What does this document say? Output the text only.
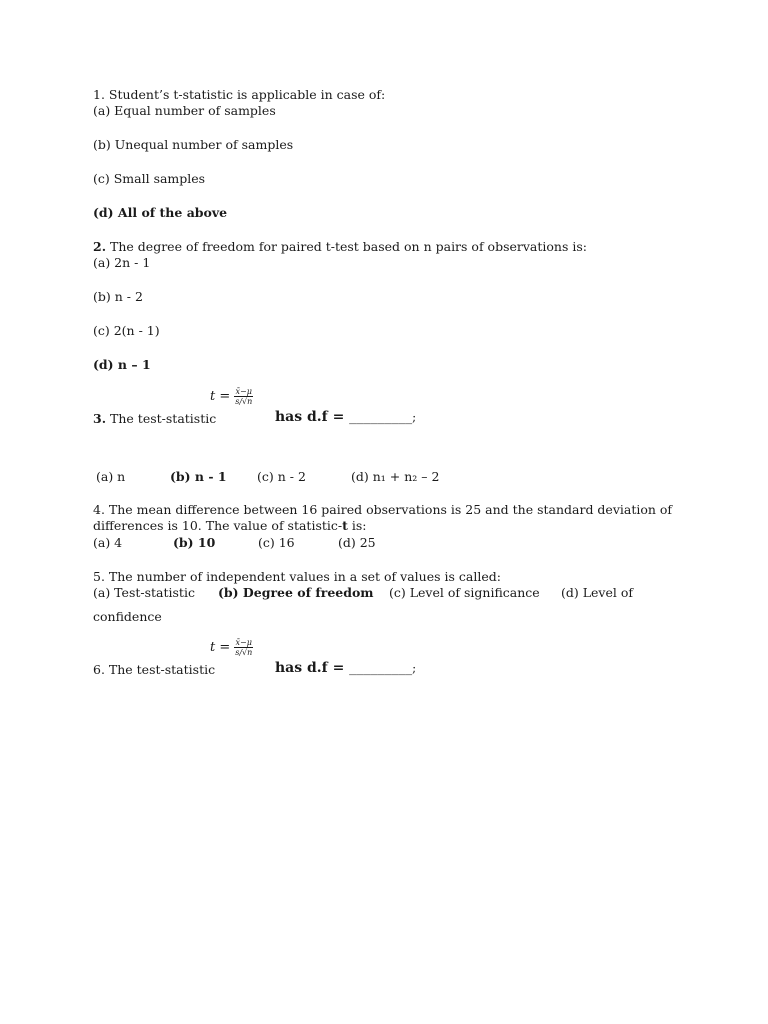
1. Student’s t-statistic is applicable in case of:
(a) Equal number of samples
(b) Unequal number of samples
(c) Small samples
(d) All of the above
2. The degree of freedom for paired t-test based on n pairs of observations is:
(a) 2n - 1
(b) n - 2
(c) 2(n - 1)
(d) n – 1
3. The test-statistic
$t = \frac{x̄-\mu}{s/√n}$
has d.f = _________;
(a) n	(b) n - 1 (c) n - 2	(d) n₁ + n₂ – 2
4. The mean difference between 16 paired observations is 25 and the standard deviation of
differences is 10. The value of statistic-t is:
(a) 4	(b) 10	(c) 16	(d) 25
5. The number of independent values in a set of values is called:
(a) Test-statistic (b) Degree of freedom (c) Level of significance (d) Level of
confidence
6. The test-statistic
$t = \frac{x̄-\mu}{s/√n}$
has d.f = _________;
